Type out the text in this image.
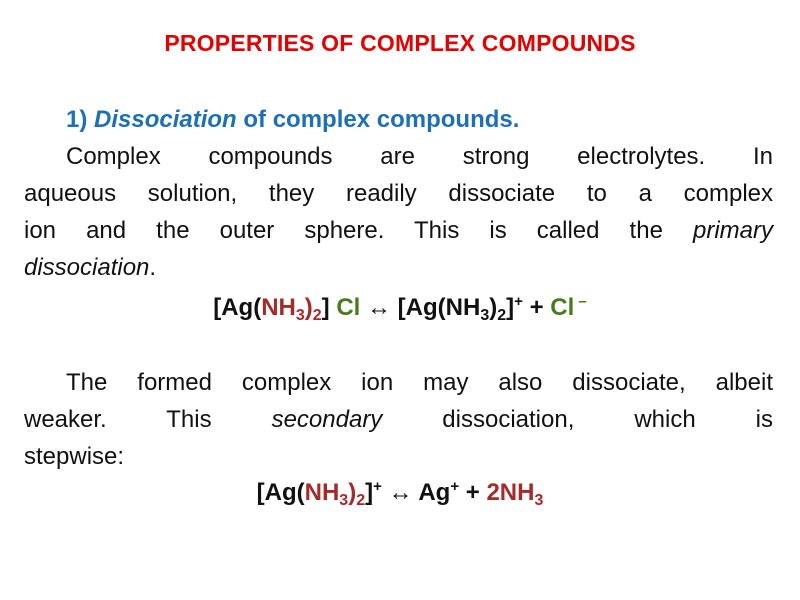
PROPERTIES OF COMPLEX COMPOUNDS
1) Dissociation of complex compounds.
Complex compounds are strong electrolytes. In
aqueous solution, they readily dissociate to a complex
ion and the outer sphere. This is called the primary
dissociation.
$[Ag(NH_3)_2]$ Cl ↔ $[Ag(NH_3)_2]^+ + Cl$ –
The formed complex ion may also dissociate, albeit
weaker. This secondary dissociation, which is
stepwise:
$[Ag(NH_3)_2]^+$ ↔ $Ag^+ + 2NH_3$
